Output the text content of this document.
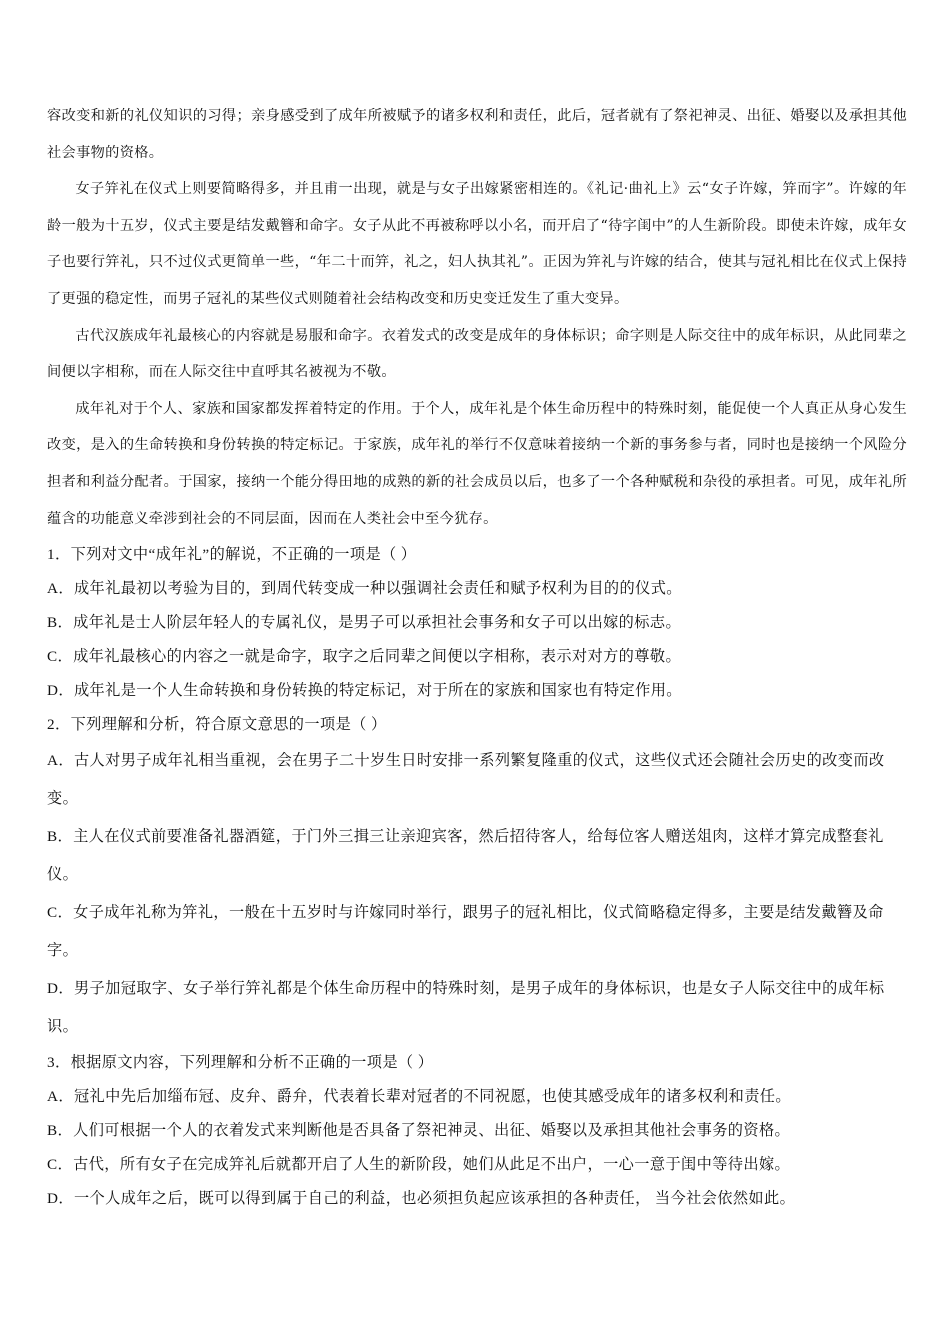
容改变和新的礼仪知识的习得；亲身感受到了成年所被赋予的诸多权利和责任，此后，冠者就有了祭祀神灵、出征、婚娶以及承担其他社会事物的资格。

女子笄礼在仪式上则要简略得多，并且甫一出现，就是与女子出嫁紧密相连的。《礼记·曲礼上》云“女子许嫁，笄而字”。许嫁的年龄一般为十五岁，仪式主要是结发戴簪和命字。女子从此不再被称呼以小名，而开启了“待字闺中”的人生新阶段。即使未许嫁，成年女子也要行笄礼，只不过仪式更简单一些，“年二十而笄，礼之，妇人执其礼”。正因为笄礼与许嫁的结合，使其与冠礼相比在仪式上保持了更强的稳定性，而男子冠礼的某些仪式则随着社会结构改变和历史变迁发生了重大变异。

古代汉族成年礼最核心的内容就是易服和命字。衣着发式的改变是成年的身体标识；命字则是人际交往中的成年标识，从此同辈之间便以字相称，而在人际交往中直呼其名被视为不敬。

成年礼对于个人、家族和国家都发挥着特定的作用。于个人，成年礼是个体生命历程中的特殊时刻，能促使一个人真正从身心发生改变，是入的生命转换和身份转换的特定标记。于家族，成年礼的举行不仅意味着接纳一个新的事务参与者，同时也是接纳一个风险分担者和利益分配者。于国家，接纳一个能分得田地的成熟的新的社会成员以后，也多了一个各种赋税和杂役的承担者。可见，成年礼所蕴含的功能意义牵涉到社会的不同层面，因而在人类社会中至今犹存。

1．下列对文中“成年礼”的解说，不正确的一项是（ ）

A．成年礼最初以考验为目的，到周代转变成一种以强调社会责任和赋予权利为目的的仪式。

B．成年礼是士人阶层年轻人的专属礼仪，是男子可以承担社会事务和女子可以出嫁的标志。

C．成年礼最核心的内容之一就是命字，取字之后同辈之间便以字相称，表示对对方的尊敬。

D．成年礼是一个人生命转换和身份转换的特定标记，对于所在的家族和国家也有特定作用。

2．下列理解和分析，符合原文意思的一项是（ ）

A．古人对男子成年礼相当重视，会在男子二十岁生日时安排一系列繁复隆重的仪式，这些仪式还会随社会历史的改变而改变。

B．主人在仪式前要准备礼器酒筵，于门外三揖三让亲迎宾客，然后招待客人，给每位客人赠送俎肉，这样才算完成整套礼仪。

C．女子成年礼称为笄礼，一般在十五岁时与许嫁同时举行，跟男子的冠礼相比，仪式简略稳定得多，主要是结发戴簪及命字。

D．男子加冠取字、女子举行笄礼都是个体生命历程中的特殊时刻，是男子成年的身体标识，也是女子人际交往中的成年标识。

3．根据原文内容，下列理解和分析不正确的一项是（ ）

A．冠礼中先后加缁布冠、皮弁、爵弁，代表着长辈对冠者的不同祝愿，也使其感受成年的诸多权利和责任。

B．人们可根据一个人的衣着发式来判断他是否具备了祭祀神灵、出征、婚娶以及承担其他社会事务的资格。

C．古代，所有女子在完成笄礼后就都开启了人生的新阶段，她们从此足不出户，一心一意于闺中等待出嫁。

D．一个人成年之后，既可以得到属于自己的利益，也必须担负起应该承担的各种责任， 当今社会依然如此。
